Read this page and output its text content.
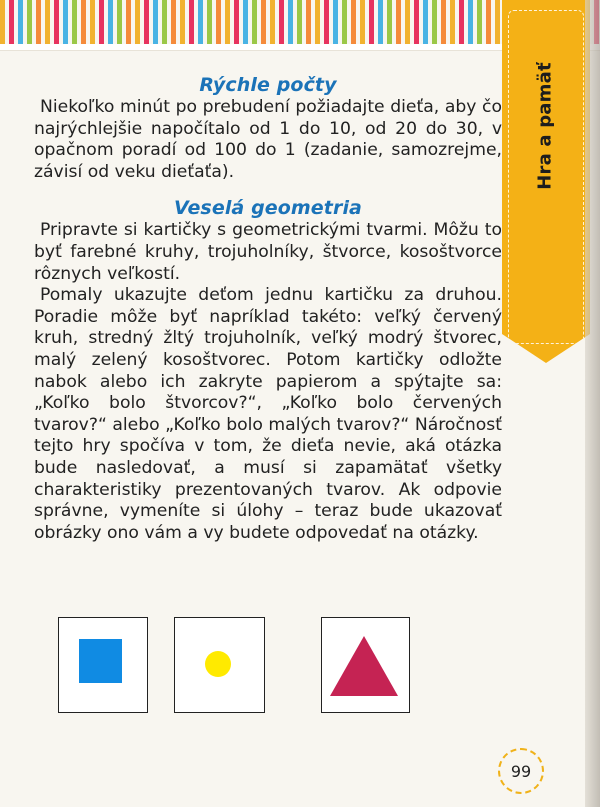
Hra a pamäť
Rýchle počty

Niekoľko minút po prebudení požiadajte dieťa, aby čo najrýchlejšie napočítalo od 1 do 10, od 20 do 30, v opačnom poradí od 100 do 1 (zadanie, samozrejme, závisí od veku dieťaťa).

Veselá geometria

Pripravte si kartičky s geometrickými tvarmi. Môžu to byť farebné kruhy, trojuholníky, štvorce, kosoštvorce rôznych veľkostí.

Pomaly ukazujte deťom jednu kartičku za druhou. Poradie môže byť napríklad takéto: veľký červený kruh, stredný žltý trojuholník, veľký modrý štvorec, malý zelený kosoštvorec. Potom kartičky odložte nabok alebo ich zakryte papierom a spýtajte sa: „Koľko bolo štvorcov?“, „Koľko bolo červených tvarov?“ alebo „Koľko bolo malých tvarov?“ Náročnosť tejto hry spočíva v tom, že dieťa nevie, aká otázka bude nasledovať, a musí si zapamätať všetky charakteristiky prezentovaných tvarov. Ak odpovie správne, vymeníte si úlohy – teraz bude ukazovať obrázky ono vám a vy budete odpovedať na otázky.

99
